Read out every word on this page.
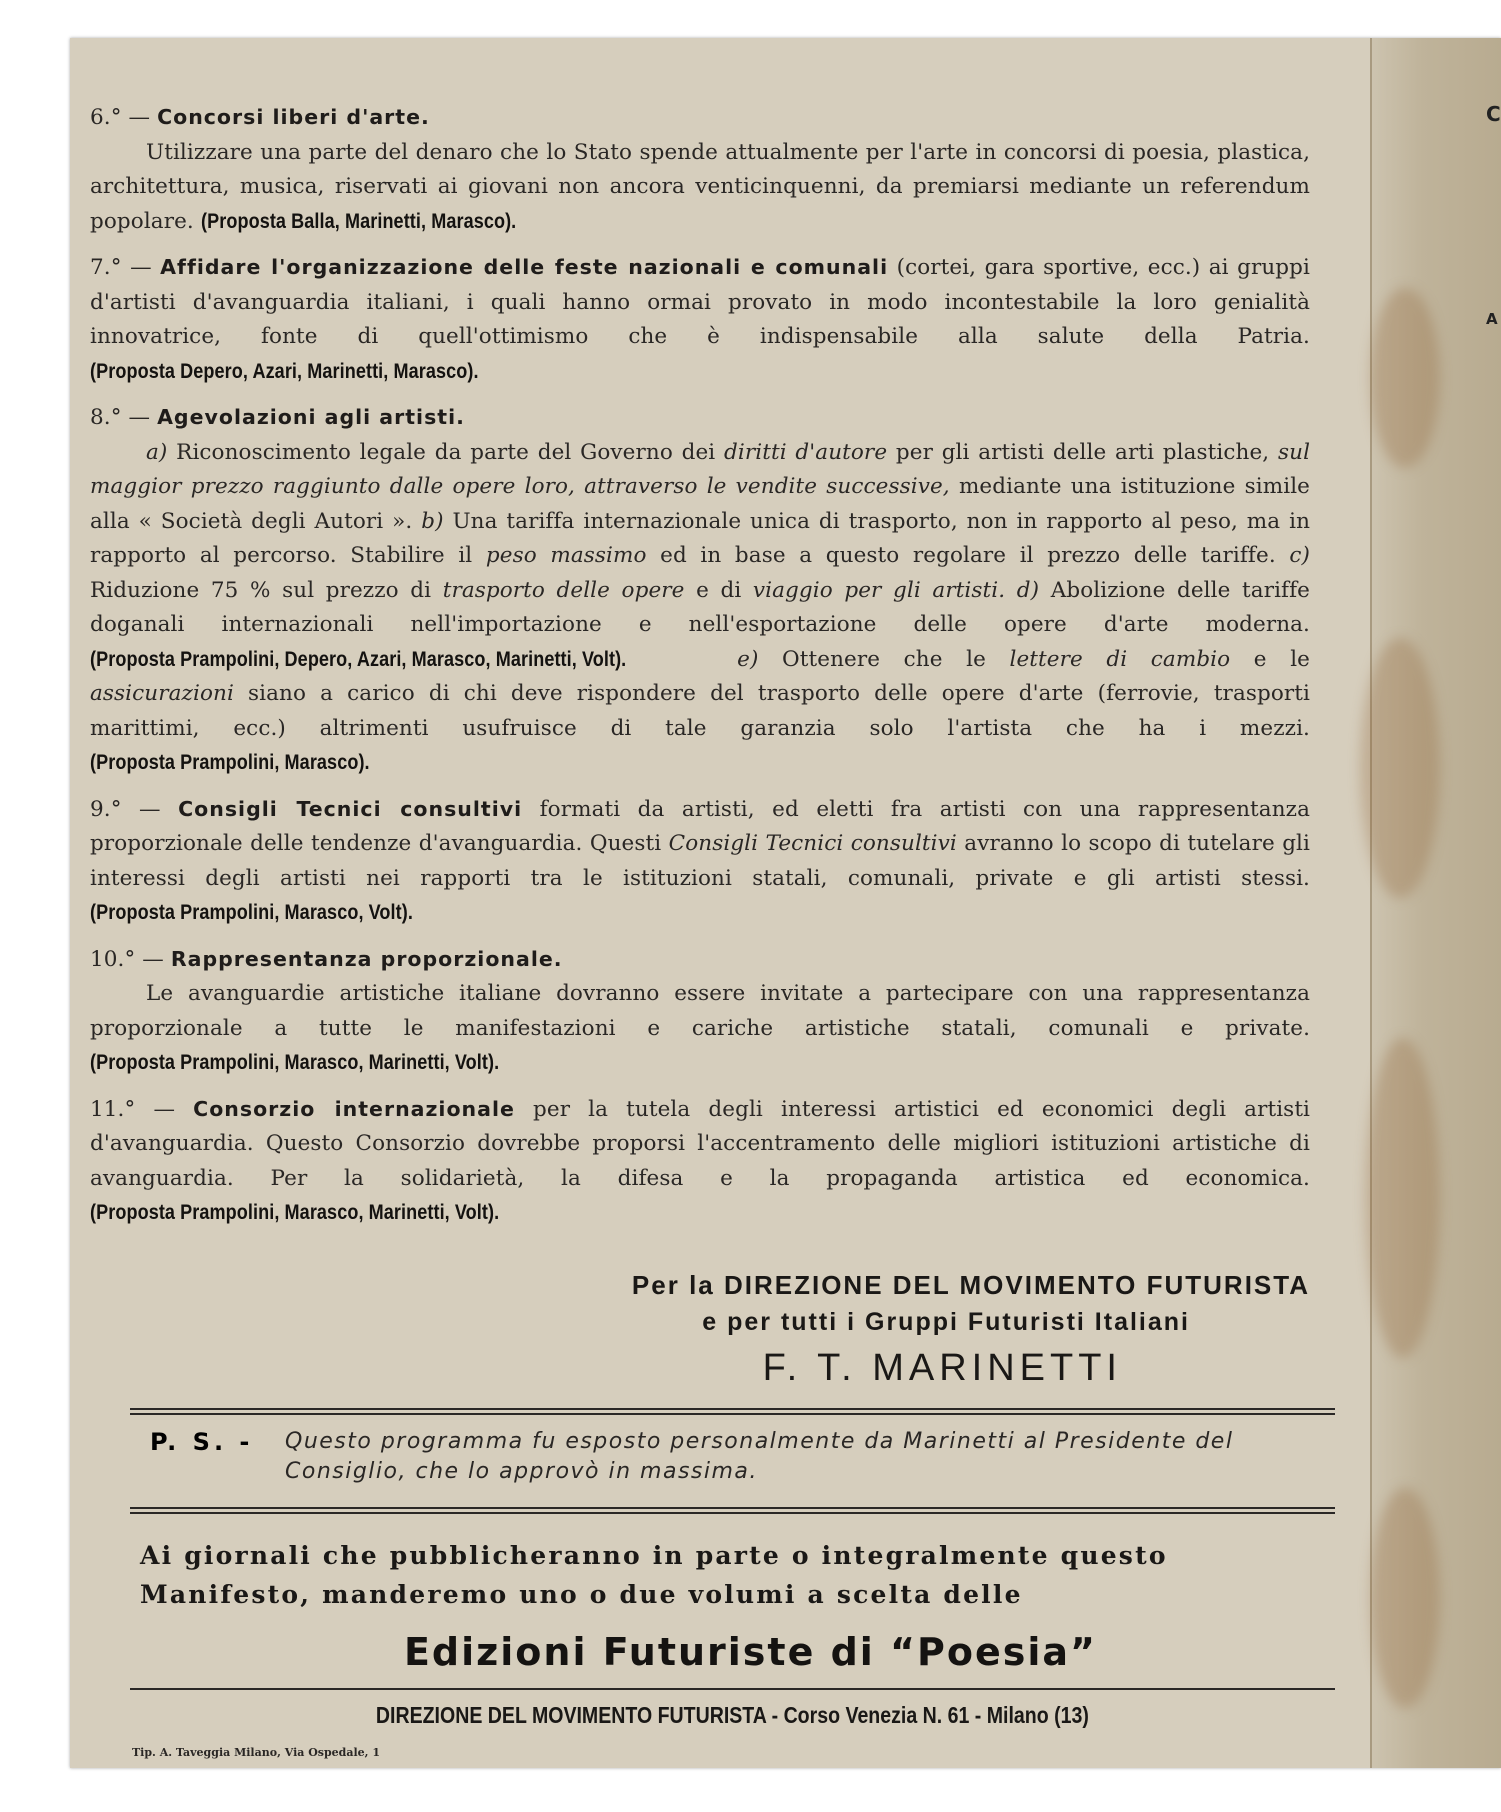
C
A
6.° — Concorsi liberi d'arte.
Utilizzare una parte del denaro che lo Stato spende attualmente per l'arte in concorsi di poesia, plastica, architettura, musica, riservati ai giovani non ancora venticinquenni, da premiarsi mediante un referendum popolare. (Proposta Balla, Marinetti, Marasco).
7.° — Affidare l'organizzazione delle feste nazionali e comunali (cortei, gara sportive, ecc.) ai gruppi d'artisti d'avanguardia italiani, i quali hanno ormai provato in modo incontestabile la loro genialità innovatrice, fonte di quell'ottimismo che è indispensabile alla salute della Patria. (Proposta Depero, Azari, Marinetti, Marasco).
8.° — Agevolazioni agli artisti.
a) Riconoscimento legale da parte del Governo dei diritti d'autore per gli artisti delle arti plastiche, sul maggior prezzo raggiunto dalle opere loro, attraverso le vendite successive, mediante una istituzione simile alla « Società degli Autori ». b) Una tariffa internazionale unica di trasporto, non in rapporto al peso, ma in rapporto al percorso. Stabilire il peso massimo ed in base a questo regolare il prezzo delle tariffe. c) Riduzione 75 % sul prezzo di trasporto delle opere e di viaggio per gli artisti. d) Abolizione delle tariffe doganali internazionali nell'importazione e nell'esportazione delle opere d'arte moderna. (Proposta Prampolini, Depero, Azari, Marasco, Marinetti, Volt).	e) Ottenere che le lettere di cambio e le assicurazioni siano a carico di chi deve rispondere del trasporto delle opere d'arte (ferrovie, trasporti marittimi, ecc.) altrimenti usufruisce di tale garanzia solo l'artista che ha i mezzi. (Proposta Prampolini, Marasco).
9.° — Consigli Tecnici consultivi formati da artisti, ed eletti fra artisti con una rappresentanza proporzionale delle tendenze d'avanguardia. Questi Consigli Tecnici consultivi avranno lo scopo di tutelare gli interessi degli artisti nei rapporti tra le istituzioni statali, comunali, private e gli artisti stessi. (Proposta Prampolini, Marasco, Volt).
10.° — Rappresentanza proporzionale.
Le avanguardie artistiche italiane dovranno essere invitate a partecipare con una rappresentanza proporzionale a tutte le manifestazioni e cariche artistiche statali, comunali e private. (Proposta Prampolini, Marasco, Marinetti, Volt).
11.° — Consorzio internazionale per la tutela degli interessi artistici ed economici degli artisti d'avanguardia. Questo Consorzio dovrebbe proporsi l'accentramento delle migliori istituzioni artistiche di avanguardia. Per la solidarietà, la difesa e la propaganda artistica ed economica. (Proposta Prampolini, Marasco, Marinetti, Volt).
Per la DIREZIONE DEL MOVIMENTO FUTURISTA
e per tutti i Gruppi Futuristi Italiani
F. T. MARINETTI
P. S. - Questo programma fu esposto personalmente da Marinetti al Presidente del Consiglio, che lo approvò in massima.
Ai giornali che pubblicheranno in parte o integralmente questo
Manifesto, manderemo uno o due volumi a scelta delle
Edizioni Futuriste di “Poesia”
DIREZIONE DEL MOVIMENTO FUTURISTA - Corso Venezia N. 61 - Milano (13)
Tip. A. Taveggia Milano, Via Ospedale, 1
